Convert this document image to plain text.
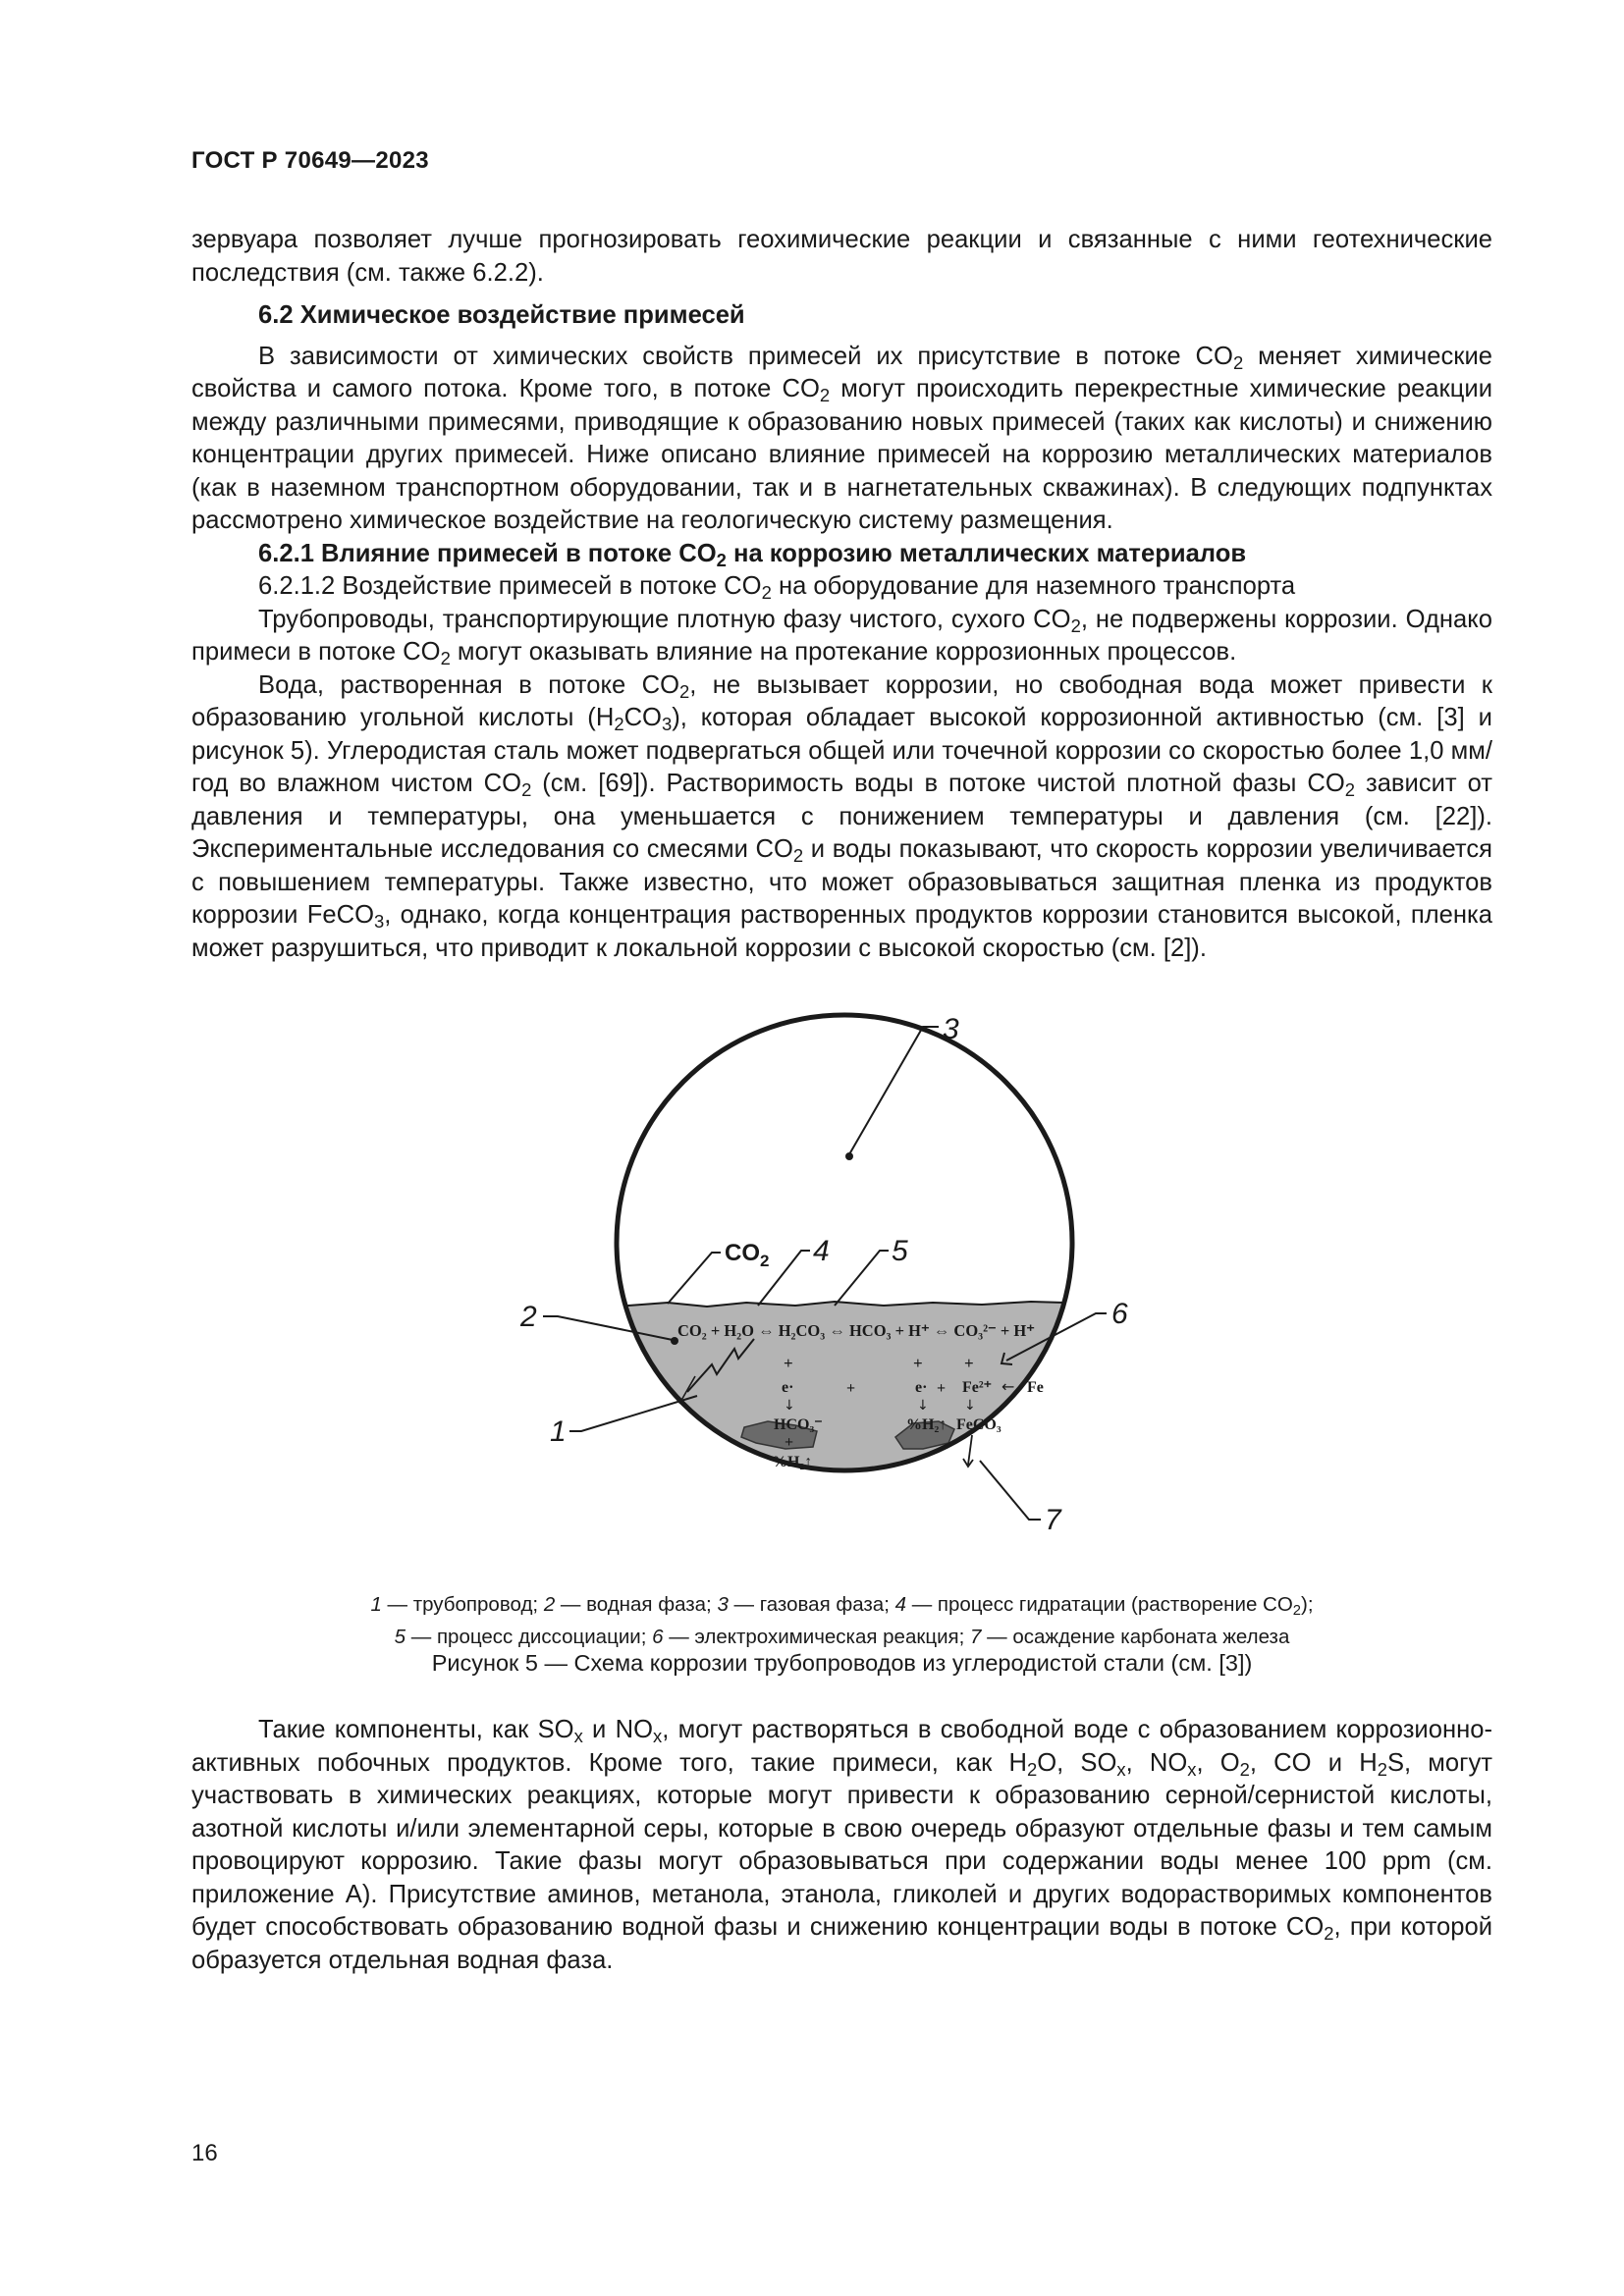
ГОСТ Р 70649—2023

зервуара позволяет лучше прогнозировать геохимические реакции и связанные с ними геотехнические последствия (см. также 6.2.2).

6.2 Химическое воздействие примесей

В зависимости от химических свойств примесей их присутствие в потоке $CO_2$ меняет химические свойства и самого потока. Кроме того, в потоке $CO_2$ могут происходить перекрестные химические реакции между различными примесями, приводящие к образованию новых примесей (таких как кислоты) и снижению концентрации других примесей. Ниже описано влияние примесей на коррозию металлических материалов (как в наземном транспортном оборудовании, так и в нагнетательных скважинах). В следующих подпунктах рассмотрено химическое воздействие на геологическую систему размещения.

6.2.1 Влияние примесей в потоке $CO_2$ на коррозию металлических материалов

6.2.1.2 Воздействие примесей в потоке $CO_2$ на оборудование для наземного транспорта

Трубопроводы, транспортирующие плотную фазу чистого, сухого $CO_2$, не подвержены коррозии. Однако примеси в потоке $CO_2$ могут оказывать влияние на протекание коррозионных процессов.

Вода, растворенная в потоке $CO_2$, не вызывает коррозии, но свободная вода может привести к образованию угольной кислоты $(H_2CO_3)$, которая обладает высокой коррозионной активностью (см. [3] и рисунок 5). Углеродистая сталь может подвергаться общей или точечной коррозии со скоростью более 1,0 мм/год во влажном чистом $CO_2$ (см. [69]). Растворимость воды в потоке чистой плотной фазы $CO_2$ зависит от давления и температуры, она уменьшается с понижением температуры и давления (см. [22]). Экспериментальные исследования со смесями $CO_2$ и воды показывают, что скорость коррозии увеличивается с повышением температуры. Также известно, что может образовываться защитная пленка из продуктов коррозии FeCO$_3$, однако, когда концентрация растворенных продуктов коррозии становится высокой, пленка может разрушиться, что приводит к локальной коррозии с высокой скоростью (см. [2]).

3
$CO_2$ 4 5
CO₂ + H₂O ⇔ H₂CO₃ ⇔ HCO₃ + H⁺ ⇔ CO₃²⁻ + H⁺
+	+ +
e·	+
↓
HCO₃⁻
+
%H₂↑
e· +
↓
%H₂↑
Fe²⁺ ← Fe
↓
FeCO₃
2
1
6
7
1 — трубопровод; 2 — водная фаза; 3 — газовая фаза; 4 — процесс гидратации (растворение $CO_2$);
5 — процесс диссоциации; 6 — электрохимическая реакция; 7 — осаждение карбоната железа
Рисунок 5 — Схема коррозии трубопроводов из углеродистой стали (см. [3])

Такие компоненты, как $SO_x$ и $NO_x$, могут растворяться в свободной воде с образованием коррозионно-активных побочных продуктов. Кроме того, такие примеси, как $H_2O$, $SO_x$, $NO_x$, $O_2$, CO и $H_2S$, могут участвовать в химических реакциях, которые могут привести к образованию серной/сернистой кислоты, азотной кислоты и/или элементарной серы, которые в свою очередь образуют отдельные фазы и тем самым провоцируют коррозию. Такие фазы могут образовываться при содержании воды менее 100 ppm (см. приложение А). Присутствие аминов, метанола, этанола, гликолей и других водорастворимых компонентов будет способствовать образованию водной фазы и снижению концентрации воды в потоке $CO_2$, при которой образуется отдельная водная фаза.

16
